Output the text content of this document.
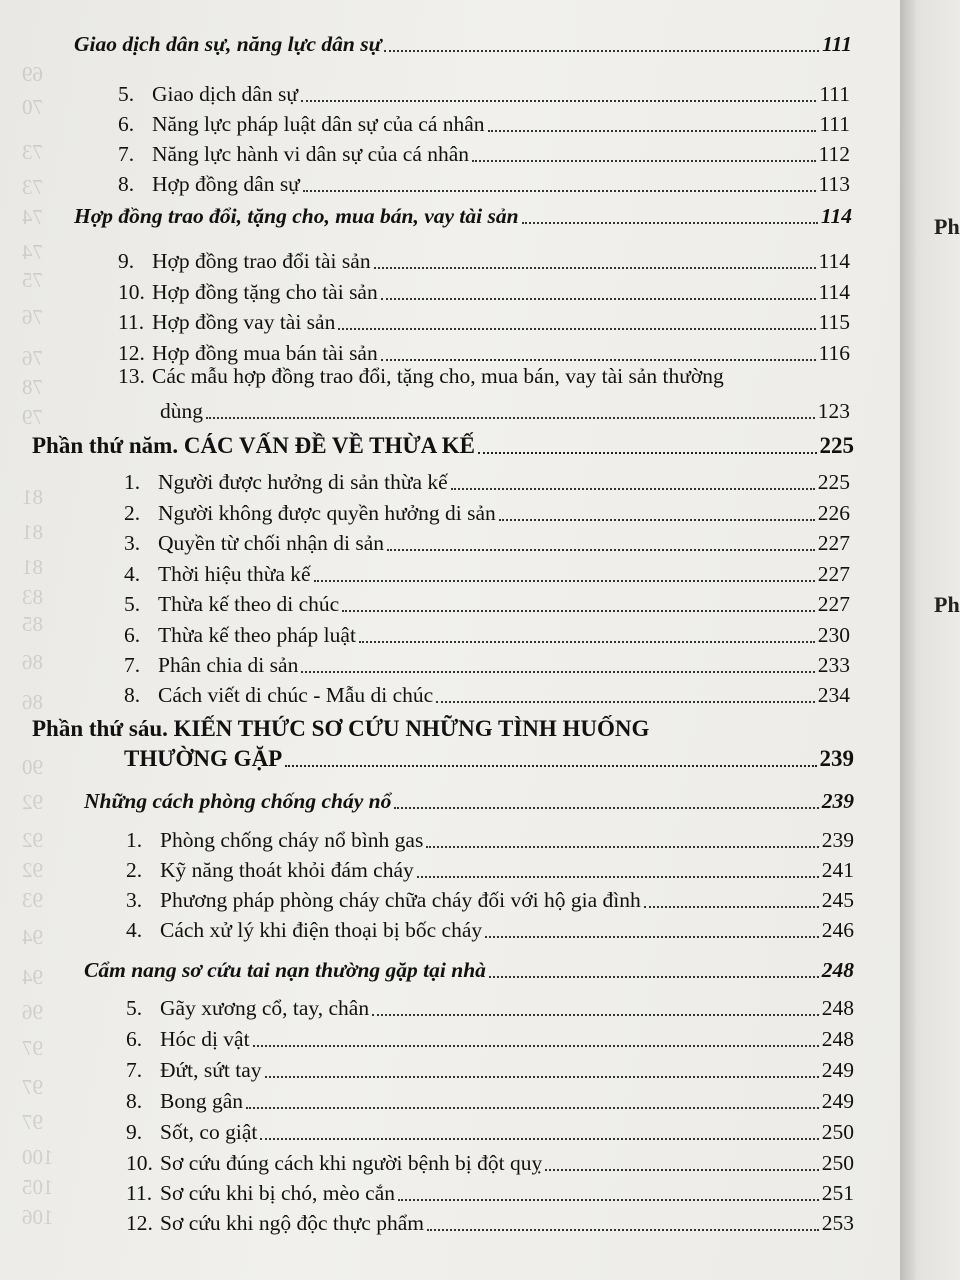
69
70
73
73
74
74
75
76
76
78
79
81
81
81
83
85
86
86
90
92
92
92
93
94
94
96
97
97
97
100
105
106
Ph
Ph
Giao dịch dân sự, năng lực dân sự	111
5. Giao dịch dân sự	111
6. Năng lực pháp luật dân sự của cá nhân	111
7. Năng lực hành vi dân sự của cá nhân	112
8. Hợp đồng dân sự	113
Hợp đồng trao đổi, tặng cho, mua bán, vay tài sản	114
9. Hợp đồng trao đổi tài sản	114
10. Hợp đồng tặng cho tài sản	114
11. Hợp đồng vay tài sản	115
12. Hợp đồng mua bán tài sản	116
13. Các mẫu hợp đồng trao đổi, tặng cho, mua bán, vay tài sản thường
dùng	123
Phần thứ năm. CÁC VẤN ĐỀ VỀ THỪA KẾ	225
1. Người được hưởng di sản thừa kế	225
2. Người không được quyền hưởng di sản	226
3. Quyền từ chối nhận di sản	227
4. Thời hiệu thừa kế	227
5. Thừa kế theo di chúc	227
6. Thừa kế theo pháp luật	230
7. Phân chia di sản	233
8. Cách viết di chúc - Mẫu di chúc	234
Phần thứ sáu. KIẾN THỨC SƠ CỨU NHỮNG TÌNH HUỐNG
THƯỜNG GẶP	239
Những cách phòng chống cháy nổ	239
1. Phòng chống cháy nổ bình gas	239
2. Kỹ năng thoát khỏi đám cháy	241
3. Phương pháp phòng cháy chữa cháy đối với hộ gia đình	245
4. Cách xử lý khi điện thoại bị bốc cháy	246
Cẩm nang sơ cứu tai nạn thường gặp tại nhà	248
5. Gãy xương cổ, tay, chân	248
6. Hóc dị vật	248
7. Đứt, sứt tay	249
8. Bong gân	249
9. Sốt, co giật	250
10. Sơ cứu đúng cách khi người bệnh bị đột quỵ	250
11. Sơ cứu khi bị chó, mèo cắn	251
12. Sơ cứu khi ngộ độc thực phẩm	253
